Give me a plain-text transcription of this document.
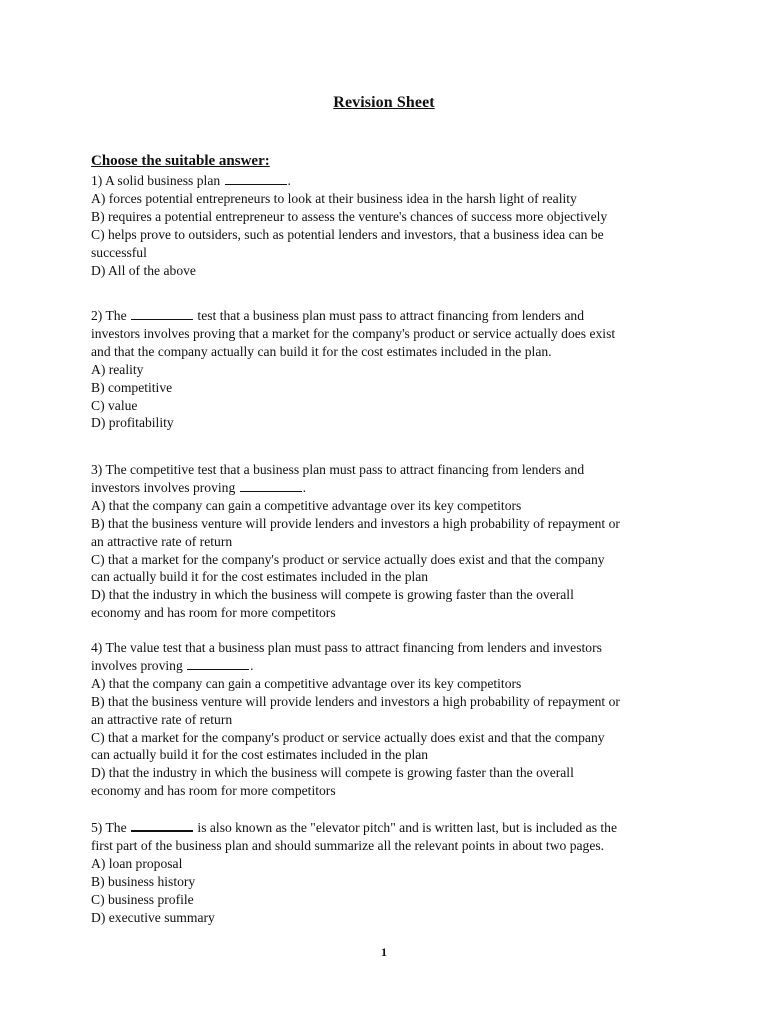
Revision Sheet
Choose the suitable answer:
1) A solid business plan	.
A) forces potential entrepreneurs to look at their business idea in the harsh light of reality
B) requires a potential entrepreneur to assess the venture's chances of success more objectively
C) helps prove to outsiders, such as potential lenders and investors, that a business idea can be
successful
D) All of the above
2) The	test that a business plan must pass to attract financing from lenders and
investors involves proving that a market for the company's product or service actually does exist
and that the company actually can build it for the cost estimates included in the plan.
A) reality
B) competitive
C) value
D) profitability
3) The competitive test that a business plan must pass to attract financing from lenders and
investors involves proving	.
A) that the company can gain a competitive advantage over its key competitors
B) that the business venture will provide lenders and investors a high probability of repayment or
an attractive rate of return
C) that a market for the company's product or service actually does exist and that the company
can actually build it for the cost estimates included in the plan
D) that the industry in which the business will compete is growing faster than the overall
economy and has room for more competitors
4) The value test that a business plan must pass to attract financing from lenders and investors
involves proving	.
A) that the company can gain a competitive advantage over its key competitors
B) that the business venture will provide lenders and investors a high probability of repayment or
an attractive rate of return
C) that a market for the company's product or service actually does exist and that the company
can actually build it for the cost estimates included in the plan
D) that the industry in which the business will compete is growing faster than the overall
economy and has room for more competitors
5) The	is also known as the "elevator pitch" and is written last, but is included as the
first part of the business plan and should summarize all the relevant points in about two pages.
A) loan proposal
B) business history
C) business profile
D) executive summary
1
